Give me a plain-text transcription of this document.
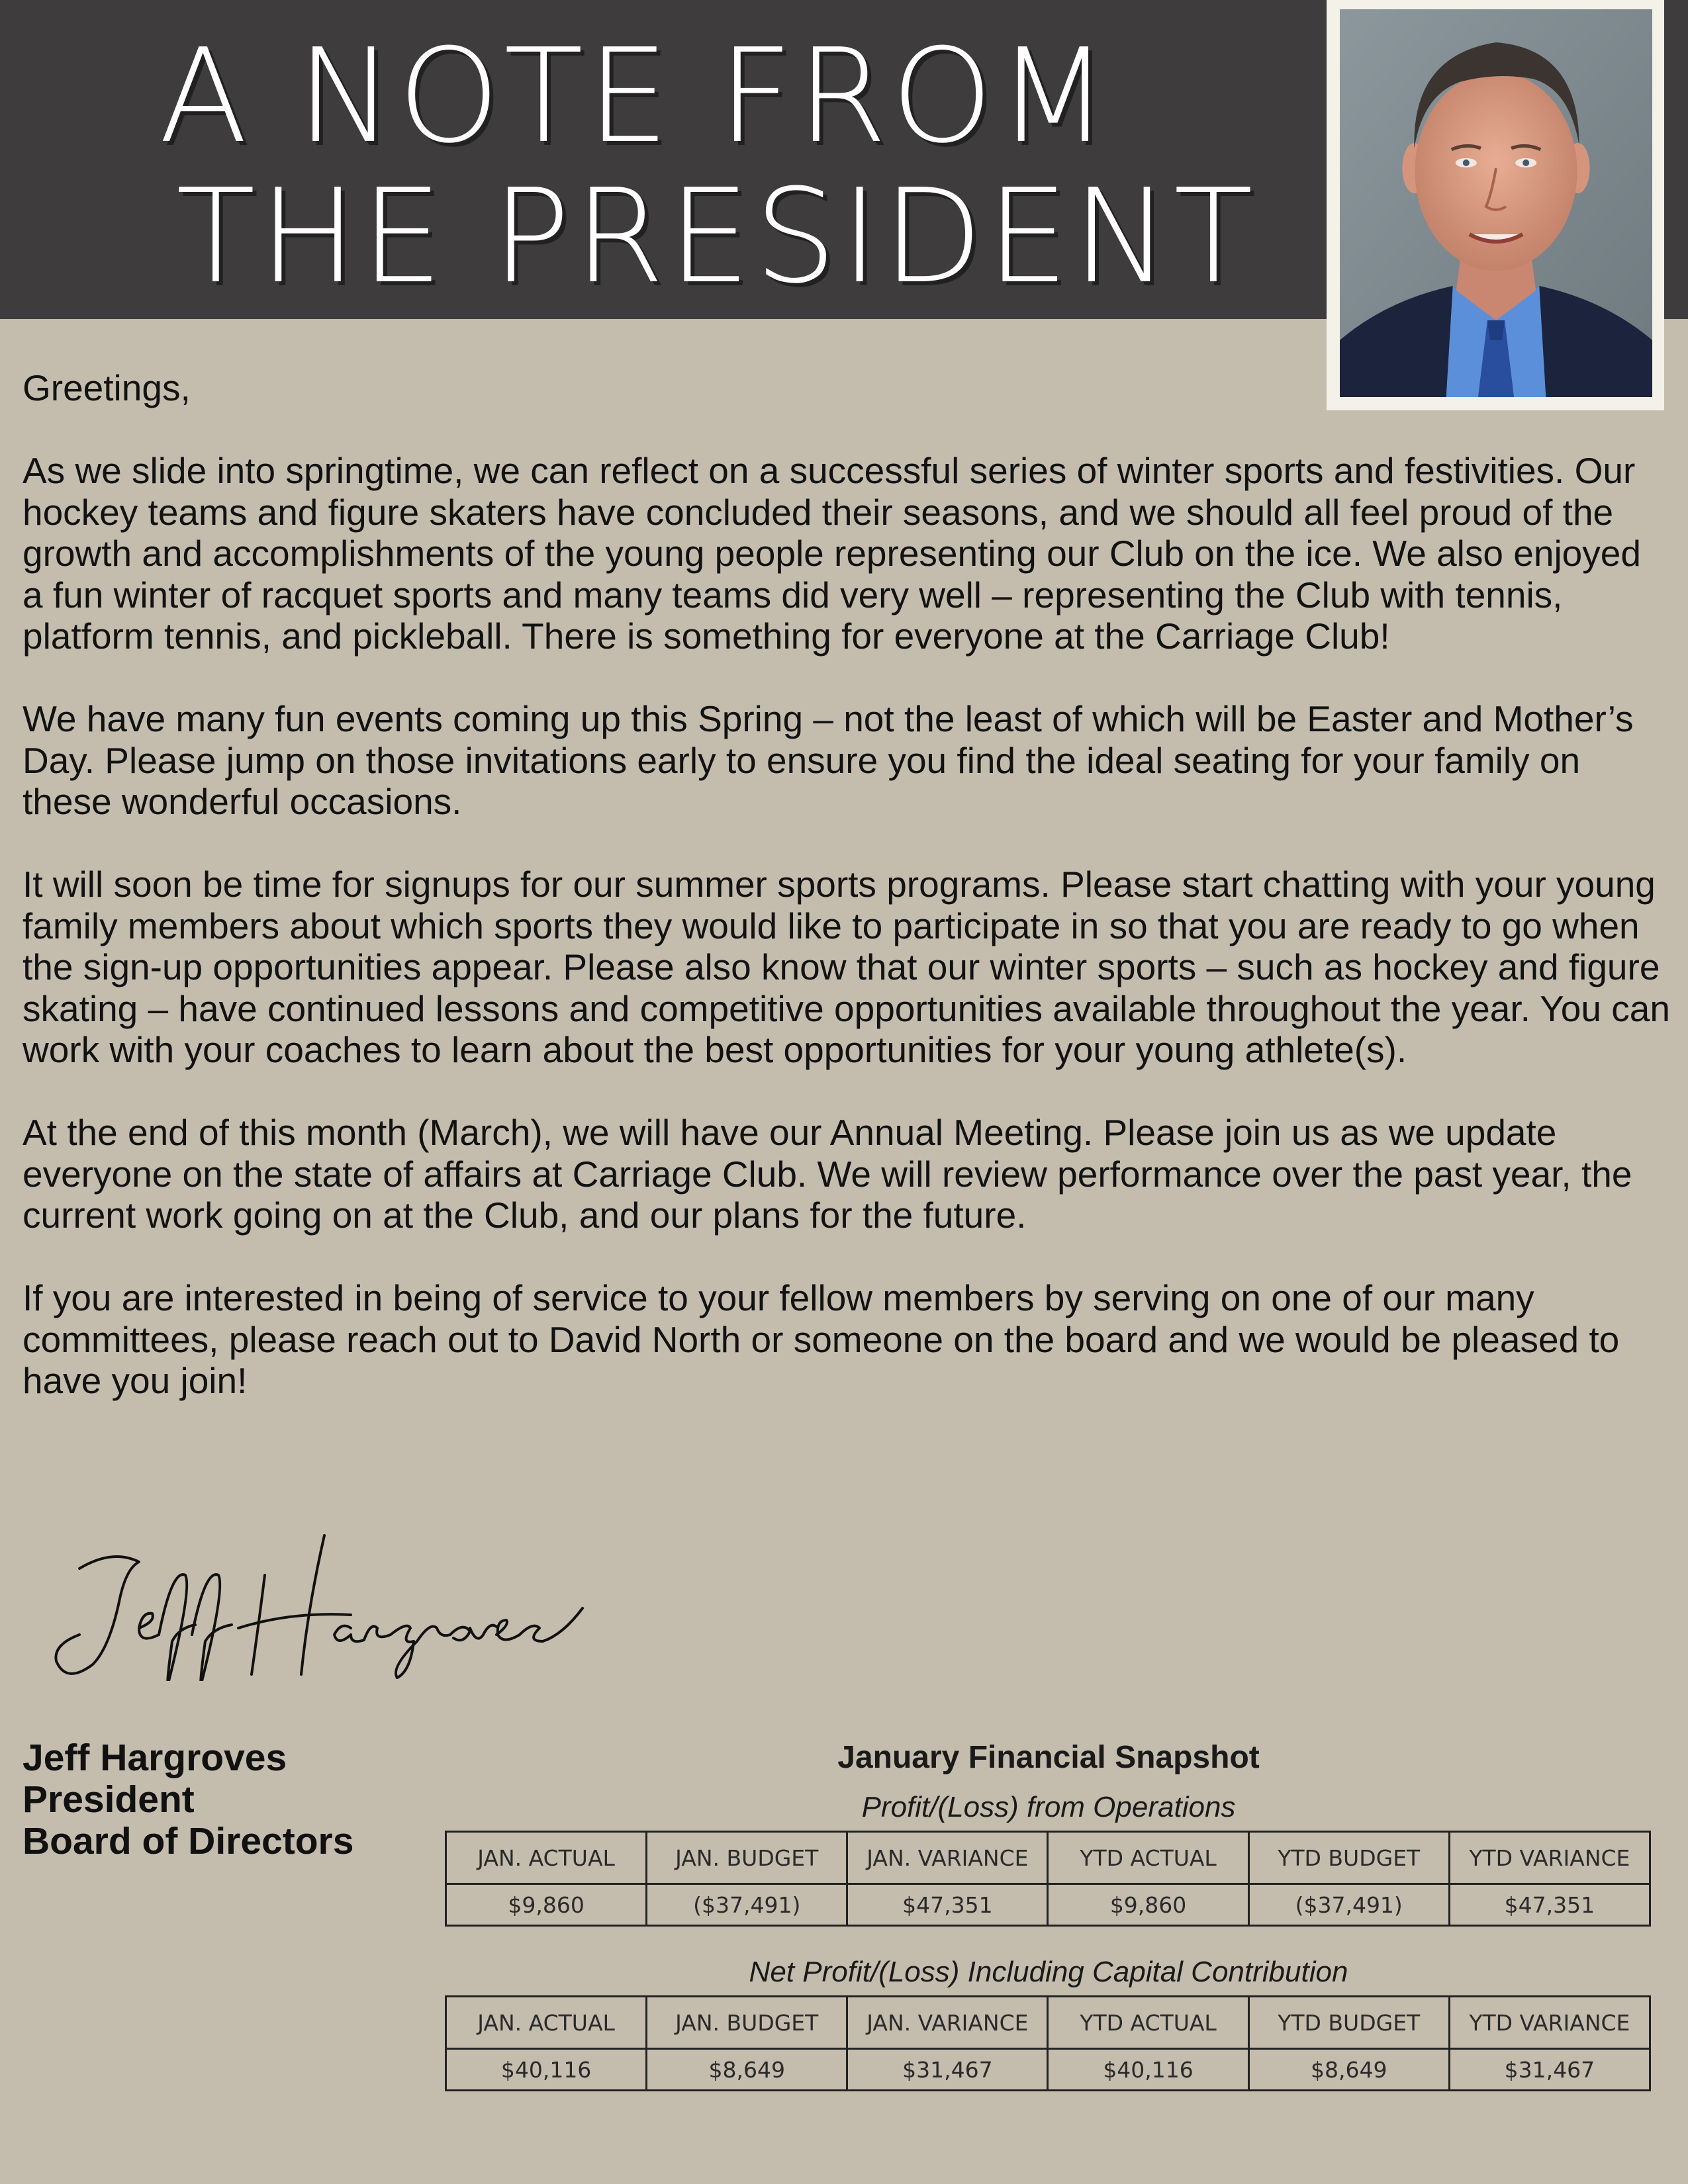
A NOTE FROM
THE PRESIDENT

Greetings,

As we slide into springtime, we can reflect on a successful series of winter sports and festivities. Our hockey teams and figure skaters have concluded their seasons, and we should all feel proud of the growth and accomplishments of the young people representing our Club on the ice. We also enjoyed a fun winter of racquet sports and many teams did very well – representing the Club with tennis, platform tennis, and pickleball. There is something for everyone at the Carriage Club!

We have many fun events coming up this Spring – not the least of which will be Easter and Mother’s Day. Please jump on those invitations early to ensure you find the ideal seating for your family on these wonderful occasions.

It will soon be time for signups for our summer sports programs. Please start chatting with your young family members about which sports they would like to participate in so that you are ready to go when the sign-up opportunities appear. Please also know that our winter sports – such as hockey and figure skating – have continued lessons and competitive opportunities available throughout the year. You can work with your coaches to learn about the best opportunities for your young athlete(s).

At the end of this month (March), we will have our Annual Meeting. Please join us as we update everyone on the state of affairs at Carriage Club. We will review performance over the past year, the current work going on at the Club, and our plans for the future.

If you are interested in being of service to your fellow members by serving on one of our many committees, please reach out to David North or someone on the board and we would be pleased to have you join!

Jeff Hargroves
President
Board of Directors
January Financial Snapshot
Profit/(Loss) from Operations
JAN. ACTUAL	JAN. BUDGET	JAN. VARIANCE	YTD ACTUAL	YTD BUDGET	YTD VARIANCE
$9,860	($37,491)	$47,351	$9,860	($37,491)	$47,351
Net Profit/(Loss) Including Capital Contribution
JAN. ACTUAL	JAN. BUDGET	JAN. VARIANCE	YTD ACTUAL	YTD BUDGET	YTD VARIANCE
$40,116	$8,649	$31,467	$40,116	$8,649	$31,467
